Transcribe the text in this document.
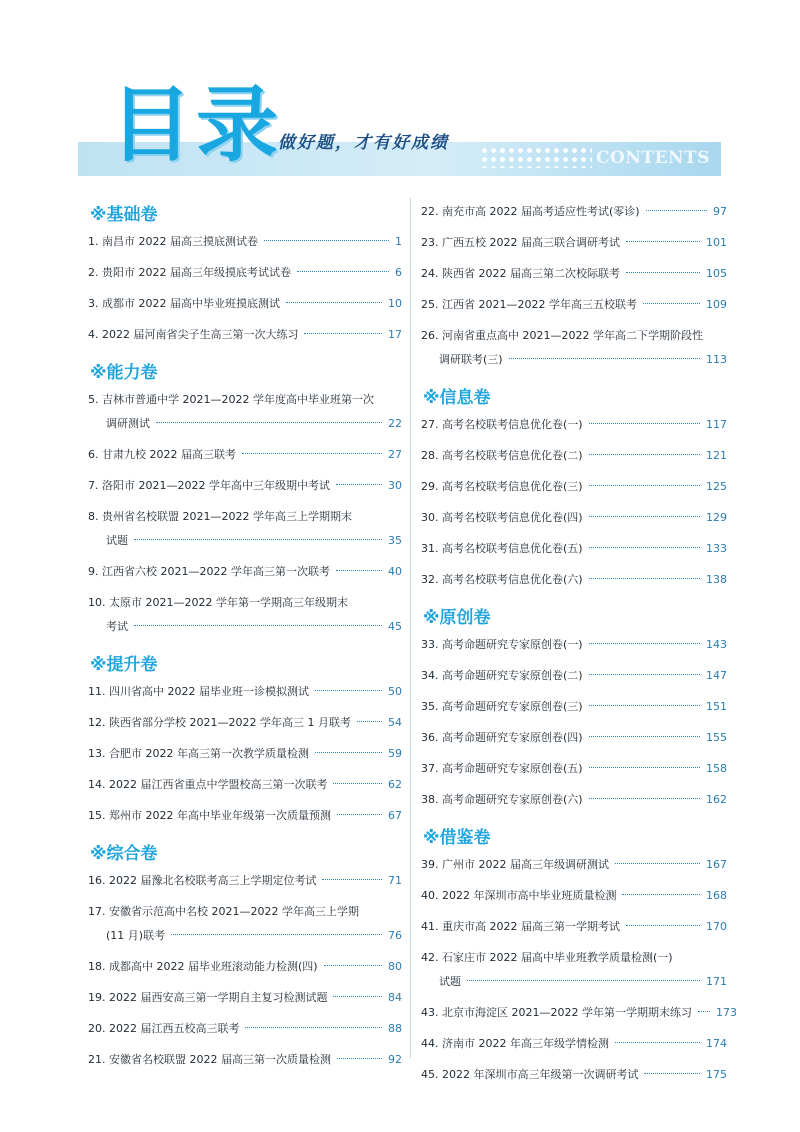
目录
做好题，才有好成绩
CONTENTS
※基础卷
1. 南昌市 2022 届高三摸底测试卷	1
2. 贵阳市 2022 届高三年级摸底考试试卷	6
3. 成都市 2022 届高中毕业班摸底测试	10
4. 2022 届河南省尖子生高三第一次大练习	17
※能力卷
5. 吉林市普通中学 2021—2022 学年度高中毕业班第一次
调研测试	22
6. 甘肃九校 2022 届高三联考	27
7. 洛阳市 2021—2022 学年高中三年级期中考试	30
8. 贵州省名校联盟 2021—2022 学年高三上学期期末
试题	35
9. 江西省六校 2021—2022 学年高三第一次联考	40
10. 太原市 2021—2022 学年第一学期高三年级期末
考试	45
※提升卷
11. 四川省高中 2022 届毕业班一诊模拟测试	50
12. 陕西省部分学校 2021—2022 学年高三 1 月联考	54
13. 合肥市 2022 年高三第一次教学质量检测	59
14. 2022 届江西省重点中学盟校高三第一次联考	62
15. 郑州市 2022 年高中毕业年级第一次质量预测	67
※综合卷
16. 2022 届豫北名校联考高三上学期定位考试	71
17. 安徽省示范高中名校 2021—2022 学年高三上学期
(11 月)联考	76
18. 成都高中 2022 届毕业班滚动能力检测(四)	80
19. 2022 届西安高三第一学期自主复习检测试题	84
20. 2022 届江西五校高三联考	88
21. 安徽省名校联盟 2022 届高三第一次质量检测	92
22. 南充市高 2022 届高考适应性考试(零诊)	97
23. 广西五校 2022 届高三联合调研考试	101
24. 陕西省 2022 届高三第二次校际联考	105
25. 江西省 2021—2022 学年高三五校联考	109
26. 河南省重点高中 2021—2022 学年高二下学期阶段性
调研联考(三)	113
※信息卷
27. 高考名校联考信息优化卷(一)	117
28. 高考名校联考信息优化卷(二)	121
29. 高考名校联考信息优化卷(三)	125
30. 高考名校联考信息优化卷(四)	129
31. 高考名校联考信息优化卷(五)	133
32. 高考名校联考信息优化卷(六)	138
※原创卷
33. 高考命题研究专家原创卷(一)	143
34. 高考命题研究专家原创卷(二)	147
35. 高考命题研究专家原创卷(三)	151
36. 高考命题研究专家原创卷(四)	155
37. 高考命题研究专家原创卷(五)	158
38. 高考命题研究专家原创卷(六)	162
※借鉴卷
39. 广州市 2022 届高三年级调研测试	167
40. 2022 年深圳市高中毕业班质量检测	168
41. 重庆市高 2022 届高三第一学期考试	170
42. 石家庄市 2022 届高中毕业班教学质量检测(一)
试题	171
43. 北京市海淀区 2021—2022 学年第一学期期末练习 173
44. 济南市 2022 年高三年级学情检测	174
45. 2022 年深圳市高三年级第一次调研考试	175
